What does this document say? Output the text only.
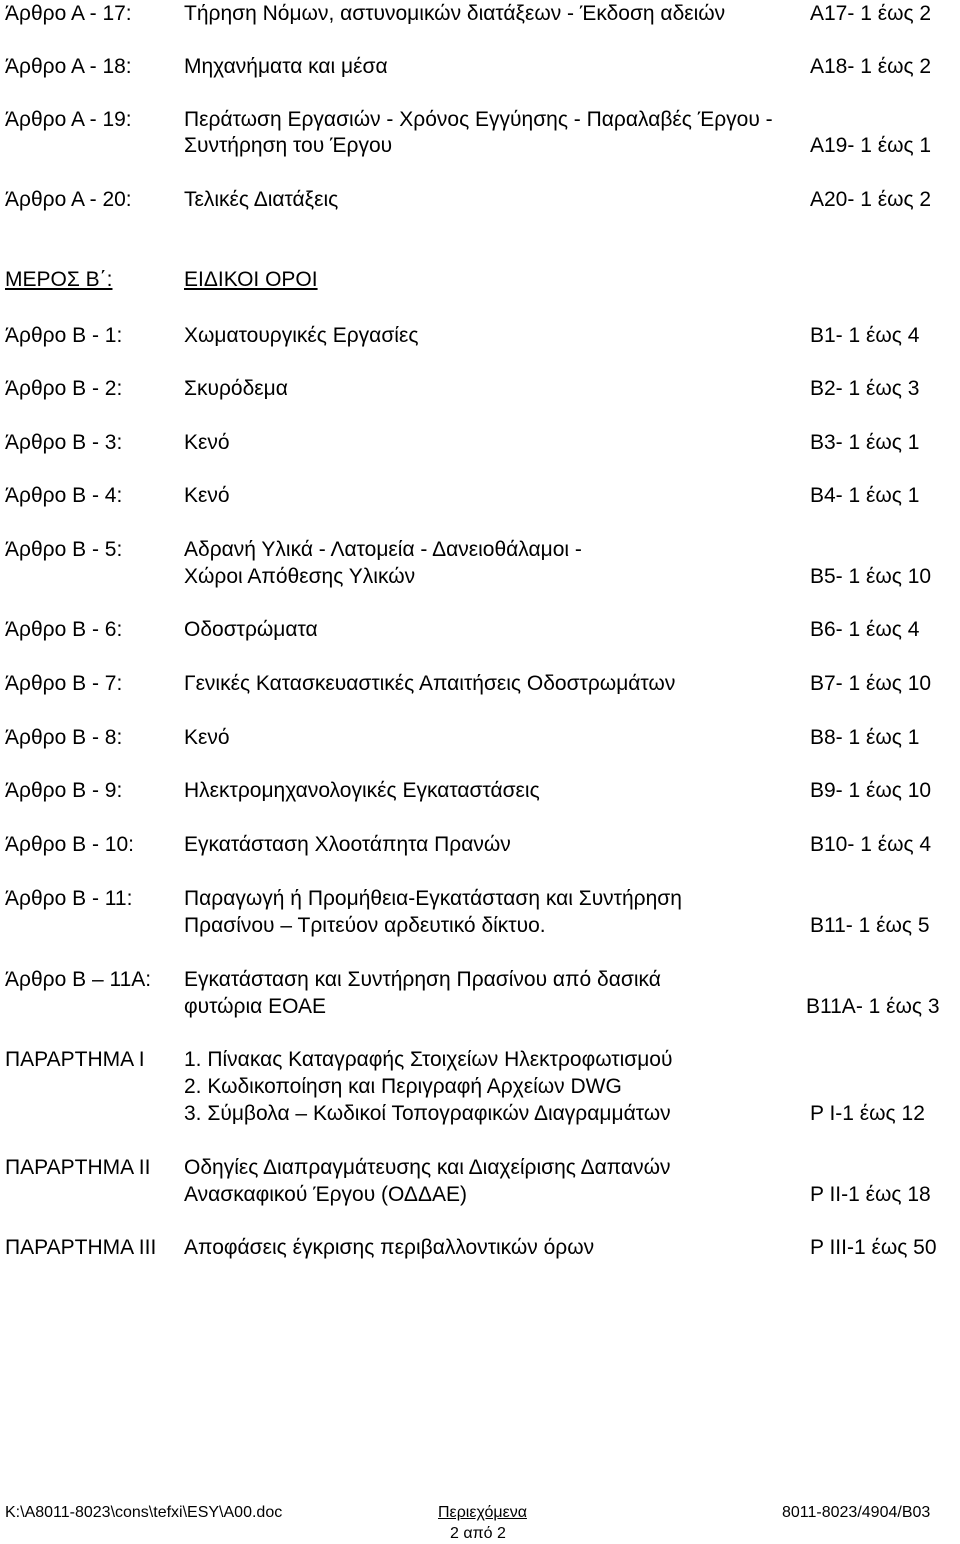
Άρθρο Α - 17: Τήρηση Νόμων, αστυνομικών διατάξεων - Έκδοση αδειών	Α17- 1 έως 2
Άρθρο Α - 18: Μηχανήματα και μέσα	Α18- 1 έως 2
Άρθρο Α - 19: Περάτωση Εργασιών - Χρόνος Εγγύησης - Παραλαβές Έργου -
Συντήρηση του Έργου	Α19- 1 έως 1
Άρθρο Α - 20: Τελικές Διατάξεις	Α20- 1 έως 2
ΜΕΡΟΣ Β΄:	ΕΙΔΙΚΟΙ ΟΡΟΙ
Άρθρο Β - 1:	Χωματουργικές Εργασίες	Β1- 1 έως 4
Άρθρο Β - 2:	Σκυρόδεμα	Β2- 1 έως 3
Άρθρο Β - 3:	Κενό	Β3- 1 έως 1
Άρθρο Β - 4:	Κενό	Β4- 1 έως 1
Άρθρο Β - 5:	Αδρανή Υλικά - Λατομεία - Δανειοθάλαμοι -
Χώροι Απόθεσης Υλικών	Β5- 1 έως 10
Άρθρο Β - 6:	Οδοστρώματα	Β6- 1 έως 4
Άρθρο Β - 7:	Γενικές Κατασκευαστικές Απαιτήσεις Οδοστρωμάτων	Β7- 1 έως 10
Άρθρο Β - 8:	Κενό	Β8- 1 έως 1
Άρθρο Β - 9:	Ηλεκτρομηχανολογικές Εγκαταστάσεις	Β9- 1 έως 10
Άρθρο Β - 10: Εγκατάσταση Χλοοτάπητα Πρανών	Β10- 1 έως 4
Άρθρο Β - 11: Παραγωγή ή Προμήθεια-Εγκατάσταση και Συντήρηση
Πρασίνου – Τριτεύον αρδευτικό δίκτυο.	Β11- 1 έως 5
Άρθρο Β – 11Α: Εγκατάσταση και Συντήρηση Πρασίνου από δασικά
φυτώρια ΕΟΑΕ	Β11Α- 1 έως 3
ΠΑΡΑΡΤΗΜΑ Ι 1. Πίνακας Καταγραφής Στοιχείων Ηλεκτροφωτισμού
2. Κωδικοποίηση και Περιγραφή Αρχείων DWG
3. Σύμβολα – Κωδικοί Τοπογραφικών Διαγραμμάτων	Ρ Ι-1 έως 12
ΠΑΡΑΡΤΗΜΑ ΙΙ Οδηγίες Διαπραγμάτευσης και Διαχείρισης Δαπανών
Ανασκαφικού Έργου (ΟΔΔΑΕ)	Ρ ΙΙ-1 έως 18
ΠΑΡΑΡΤΗΜΑ ΙΙΙ Αποφάσεις έγκρισης περιβαλλοντικών όρων	Ρ ΙΙΙ-1 έως 50
K:\A8011-8023\cons\tefxi\ESY\A00.doc	Περιεχόμενα	8011-8023/4904/B03
2 από 2
